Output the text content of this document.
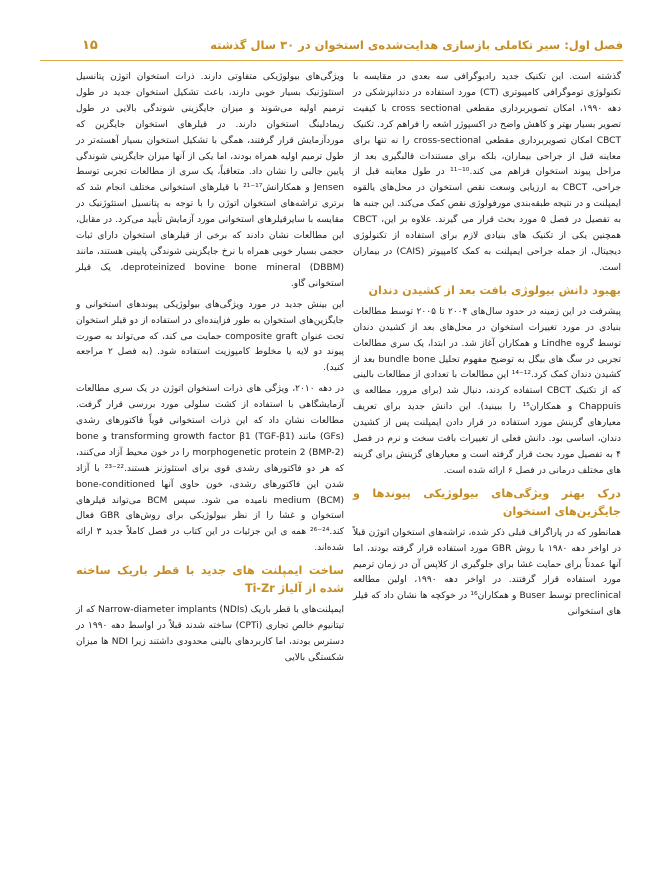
فصل اول: سیر تکاملی بازسازی هدایت‌شده‌ی استخوان در ۳۰ سال گذشته
۱۵

گذشته است. این تکنیک جدید رادیوگرافی سه بعدی در مقایسه با تکنولوژی توموگرافی کامپیوتری (CT) مورد استفاده در دندانپزشکی در دهه ۱۹۹۰، امکان تصویربرداری مقطعی cross sectional با کیفیت تصویر بسیار بهتر و کاهش واضح در اکسپوژر اشعه را فراهم کرد. تکنیک CBCT امکان تصویربرداری مقطعی cross-sectional را نه تنها برای معاینه قبل از جراحی بیماران، بلکه برای مستندات قالبگیری بعد از مراحل پیوند استخوان فراهم می کند.¹⁰⁻¹¹ در طول معاینه قبل از جراحی، CBCT به ارزیابی وسعت نقص استخوان در محل‌های یالقوه ایمپلنت و در نتیجه طبقه‌بندی مورفولوژی نقص کمک می‌کند. این جنبه ها به تفصیل در فصل ۵ مورد بحث قرار می گیرند. علاوه بر این، CBCT همچنین یکی از تکنیک های بنیادی لازم برای استفاده از تکنولوژی دیجیتال، از جمله جراحی ایمپلنت به کمک کامپیوتر (CAIS) در بیماران است.

بهبود دانش بیولوژی بافت بعد از کشیدن دندان

پیشرفت در این زمینه در حدود سال‌های ۲۰۰۴ تا ۲۰۰۵ توسط مطالعات بنیادی در مورد تغییرات استخوان در محل‌های بعد از کشیدن دندان توسط گروه Lindhe و همکاران آغاز شد. در ابتدا، یک سری مطالعات تجربی در سگ های بیگل به توضیح مفهوم تحلیل bundle bone بعد از کشیدن دندان کمک کرد.¹²⁻¹⁴ این مطالعات با تعدادی از مطالعات بالینی که از تکنیک CBCT استفاده کردند، دنبال شد (برای مرور، مطالعه ی Chappuis و همکاران¹⁵ را ببینید). این دانش جدید برای تعریف معیارهای گزینش مورد استفاده در قرار دادن ایمپلنت پس از کشیدن دندان، اساسی بود. دانش فعلی از تغییرات بافت سخت و نرم در فصل ۴ به تفصیل مورد بحث قرار گرفته است و معیارهای گزینش برای گزینه های مختلف درمانی در فصل ۶ ارائه شده است.

درک بهتر ویژگی‌های بیولوژیکی پیوندها و جایگزین‌های استخوان

همانطور که در پاراگراف قبلی ذکر شده، تراشه‌های استخوان اتوژن قبلاً در اواخر دهه ۱۹۸۰ با روش GBR مورد استفاده قرار گرفته بودند، اما آنها عمدتاً برای حمایت غشا برای جلوگیری از کلاپس آن در زمان ترمیم مورد استفاده قرار گرفتند. در اواخر دهه ۱۹۹۰، اولین مطالعه preclinical توسط Buser و همکاران¹⁶ در خوکچه ها نشان داد که قیلر های استخوانی

ویژگی‌های بیولوژیکی متفاوتی دارند. ذرات استخوان اتوژن پتانسیل استئوژنیک بسیار خوبی دارند، باعث تشکیل استخوان جدید در طول ترمیم اولیه می‌شوند و میزان جایگزینی شوندگی بالایی در طول ریمادلینگ استخوان دارند. در قیلرهای استخوان جایگزین که موردآزمایش قرار گرفتند، همگی با تشکیل استخوان بسیار آهسته‌تر در طول ترمیم اولیه همراه بودند، اما یکی از آنها میزان جایگزینی شوندگی پایین جالبی را نشان داد. متعاقباً، یک سری از مطالعات تجربی توسط Jensen و همکارانش¹⁷⁻²¹ با قیلرهای استخوانی مختلف انجام شد که برتری تراشه‌های استخوان اتوژن را با توجه به پتانسیل استئوژنیک در مقایسه با سایرقیلرهای استخوانی مورد آزمایش تأیید می‌کرد. در مقابل، این مطالعات نشان دادند که برخی از قیلرهای استخوان دارای ثبات حجمی بسیار خوبی همراه با نرخ جایگزینی شوندگی پایینی هستند، مانند deproteinized bovine bone mineral (DBBM)، یک قیلر استخوانی گاو.

این بینش جدید در مورد ویژگی‌های بیولوژیکی پیوندهای استخوانی و جایگزین‌های استخوان به طور فزاینده‌ای در استفاده از دو قیلر استخوان تحت عنوان composite graft حمایت می کند، که می‌تواند به صورت پیوند دو لایه یا مخلوط کامپوزیت استفاده شود. (به فصل ۲ مراجعه کنید).

در دهه ۲۰۱۰، ویژگی های ذرات استخوان اتوژن در یک سری مطالعات آزمایشگاهی با استفاده از کشت سلولی مورد بررسی قرار گرفت. مطالعات نشان داد که این ذرات استخوانی قویاً فاکتورهای رشدی (GFs) مانند transforming growth factor β1 (TGF-β1) و bone morphogenetic protein 2 (BMP-2) را در خون محیط آزاد می‌کنند، که هر دو فاکتورهای رشدی قوی برای استئوژنز هستند.²²⁻²³ با آزاد شدن این فاکتورهای رشدی، خون حاوی آنها bone-conditioned medium (BCM) نامیده می شود. سپس BCM می‌تواند قیلرهای استخوان و غشا را از نظر بیولوژیکی برای روش‌های GBR فعال کند.²⁴⁻²⁶ همه ی این جزئیات در این کتاب در فصل کاملاً جدید ۳ ارائه شده‌اند.

ساخت ایمپلنت های جدید با قطر باریک ساخته شده از آلیاژ Ti-Zr

ایمپلنت‌های با قطر باریک Narrow-diameter implants (NDIs) که از تیتانیوم خالص تجاری (CPTi) ساخته شدند قبلاً در اواسط دهه ۱۹۹۰ در دسترس بودند، اما کاربردهای بالینی محدودی داشتند زیرا NDI ها میزان شکستگی بالایی
